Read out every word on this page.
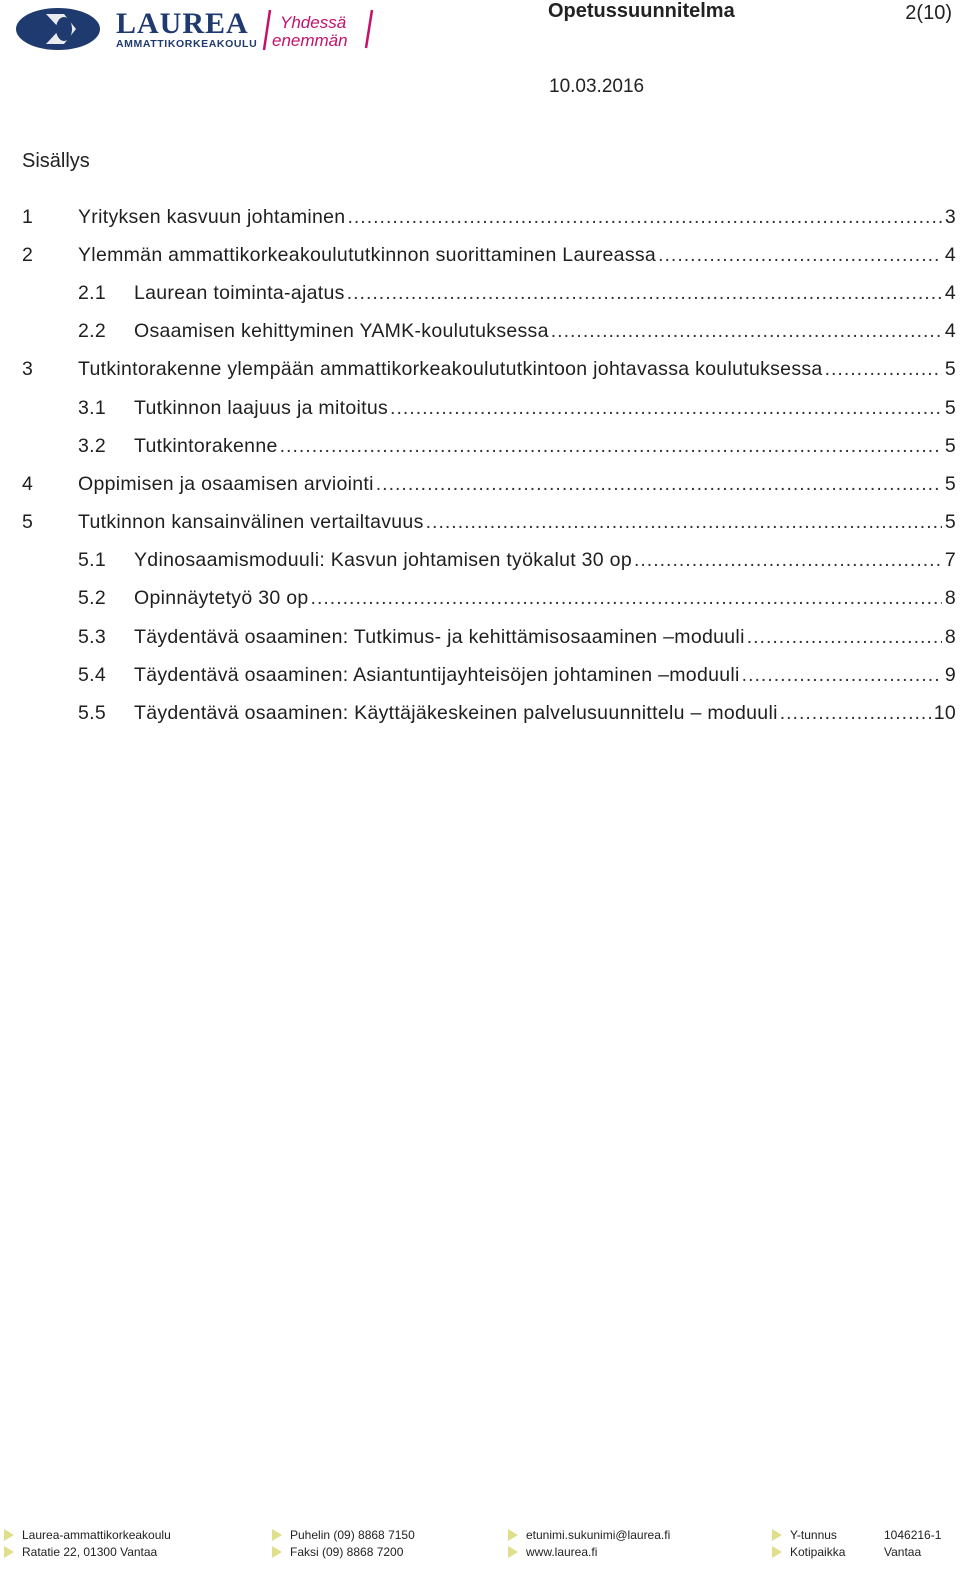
LAUREA
AMMATTIKORKEAKOULU
Yhdessä
enemmän
Opetussuunnitelma	2(10)
10.03.2016
Sisällys
1	Yrityksen kasvuun johtaminen .....	3
2	Ylemmän ammattikorkeakoulututkinnon suorittaminen Laureassa .....	4
2.1	Laurean toiminta-ajatus .....	4
2.2	Osaamisen kehittyminen YAMK-koulutuksessa .....	4
3	Tutkintorakenne ylempään ammattikorkeakoulututkintoon johtavassa koulutuksessa .....	5
3.1	Tutkinnon laajuus ja mitoitus .....	5
3.2	Tutkintorakenne .....	5
4	Oppimisen ja osaamisen arviointi .....	5
5	Tutkinnon kansainvälinen vertailtavuus .....	5
5.1	Ydinosaamismoduuli: Kasvun johtamisen työkalut 30 op .....	7
5.2	Opinnäytetyö 30 op .....	8
5.3	Täydentävä osaaminen: Tutkimus- ja kehittämisosaaminen –moduuli .....	8
5.4	Täydentävä osaaminen: Asiantuntijayhteisöjen johtaminen –moduuli .....	9
5.5	Täydentävä osaaminen: Käyttäjäkeskeinen palvelusuunnittelu – moduuli .....	10
Laurea-ammattikorkeakoulu
Ratatie 22, 01300 Vantaa
Puhelin (09) 8868 7150
Faksi (09) 8868 7200
etunimi.sukunimi@laurea.fi
www.laurea.fi
Y-tunnus	1046216-1
Kotipaikka	Vantaa
